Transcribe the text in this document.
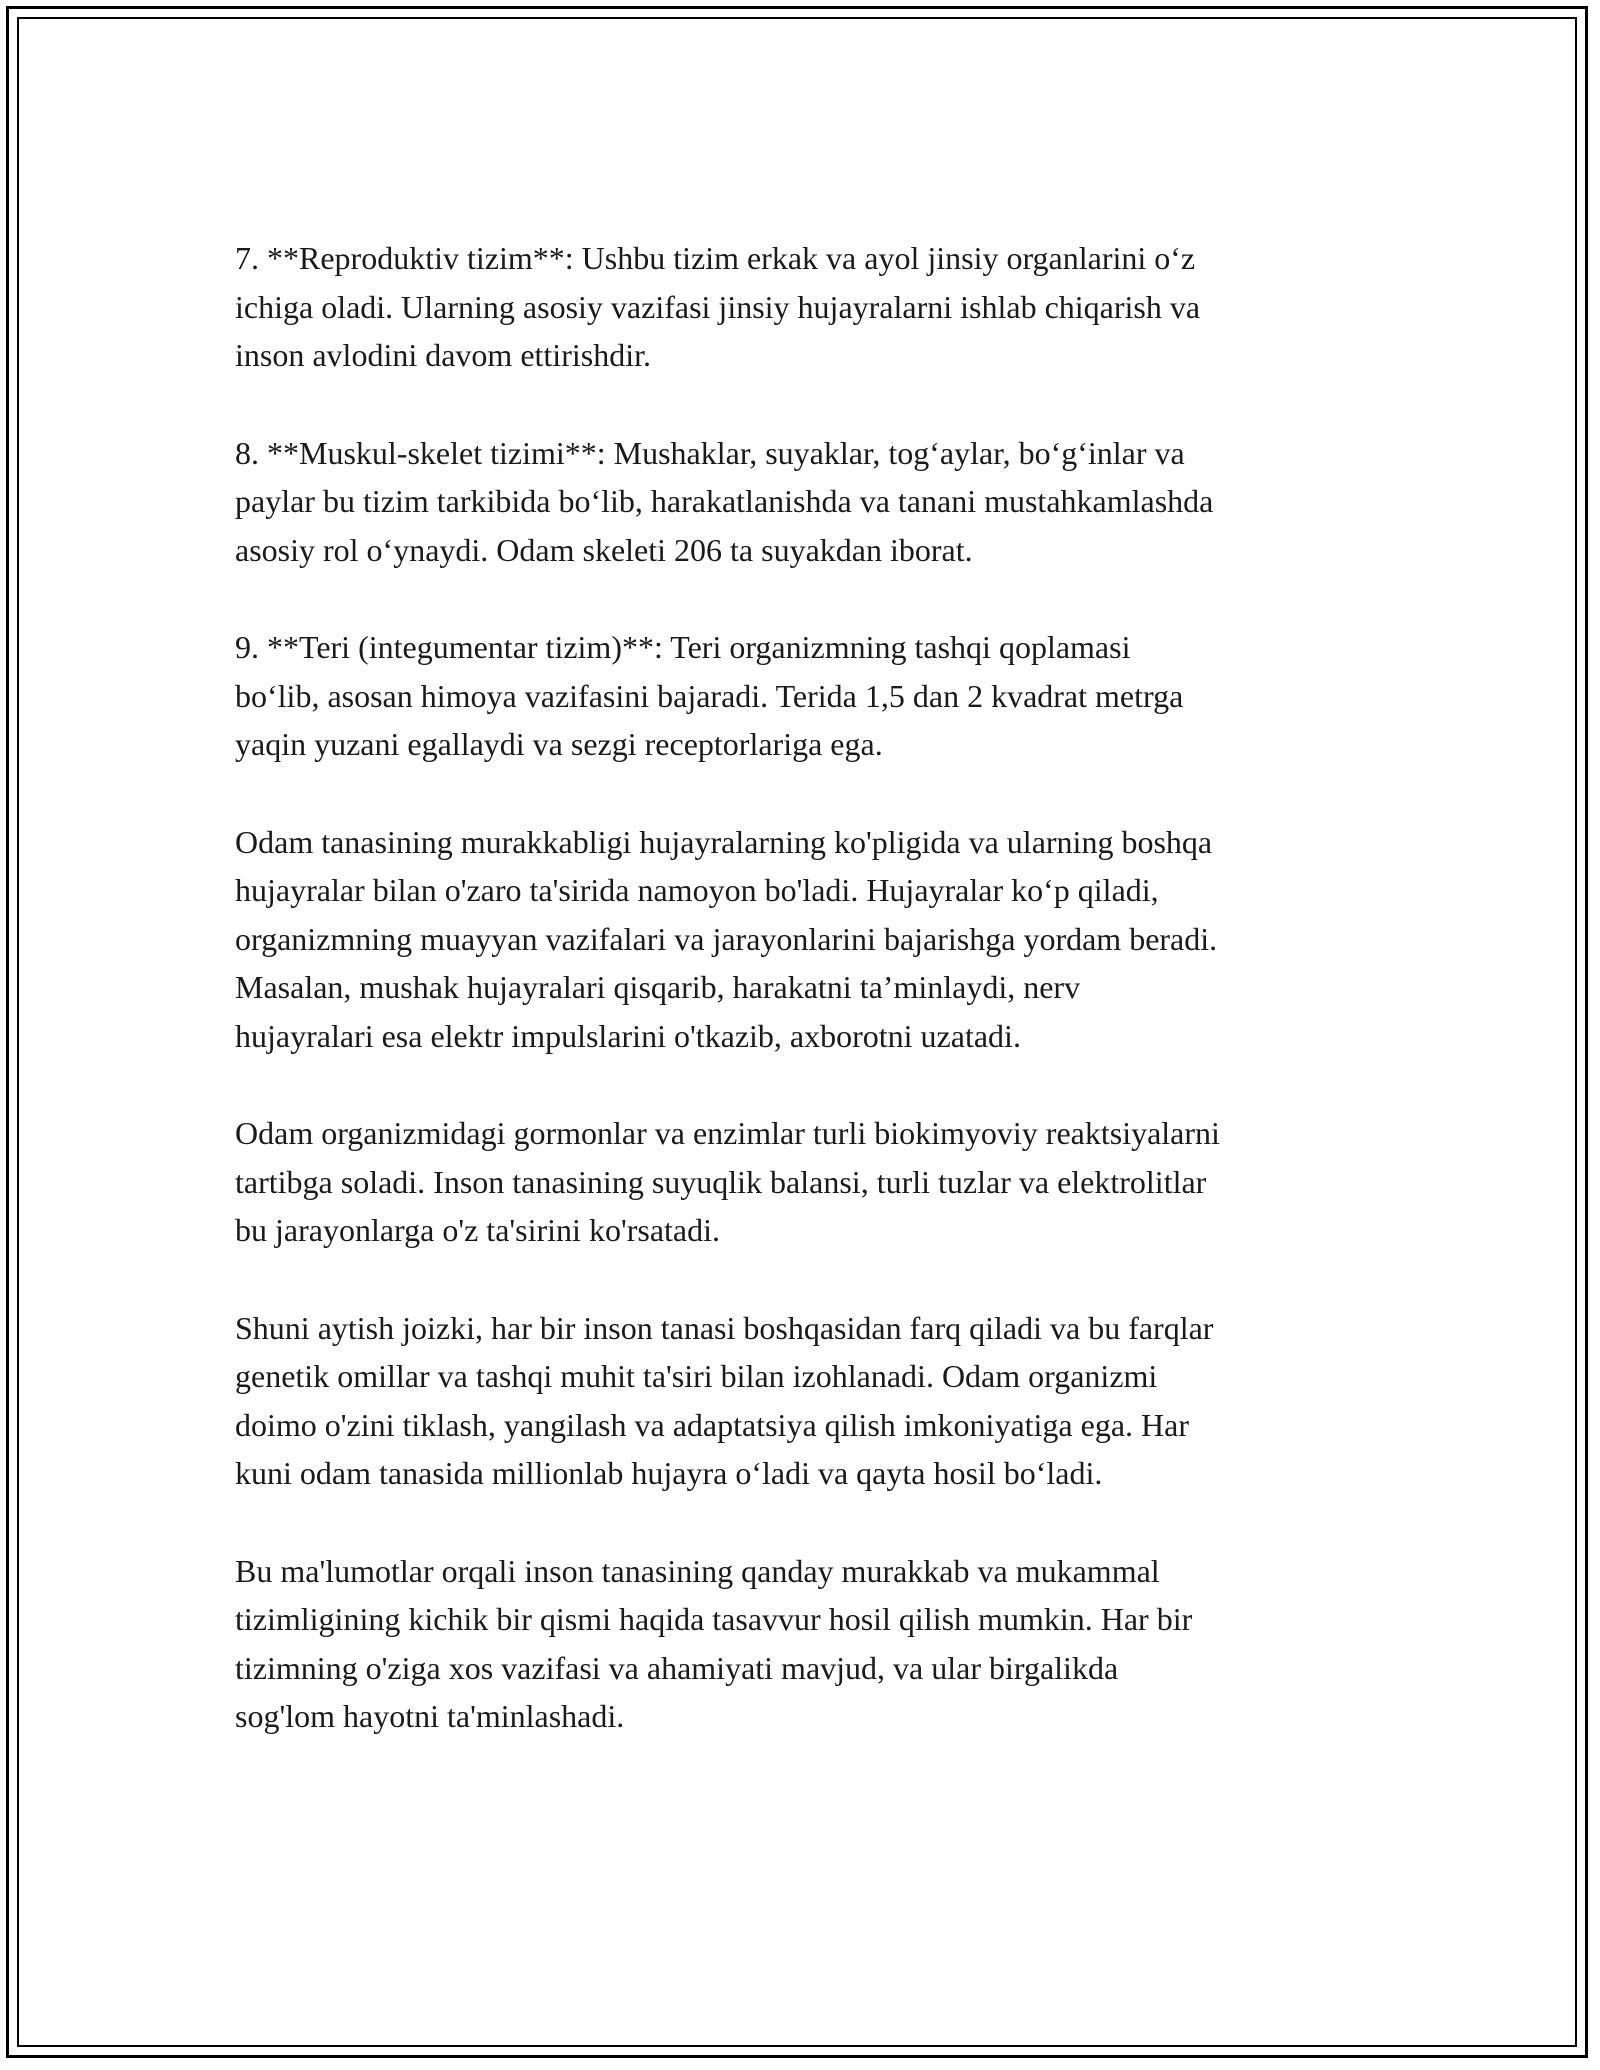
7. **Reproduktiv tizim**: Ushbu tizim erkak va ayol jinsiy organlarini o‘z
ichiga oladi. Ularning asosiy vazifasi jinsiy hujayralarni ishlab chiqarish va
inson avlodini davom ettirishdir.

8. **Muskul-skelet tizimi**: Mushaklar, suyaklar, tog‘aylar, bo‘g‘inlar va
paylar bu tizim tarkibida bo‘lib, harakatlanishda va tanani mustahkamlashda
asosiy rol o‘ynaydi. Odam skeleti 206 ta suyakdan iborat.

9. **Teri (integumentar tizim)**: Teri organizmning tashqi qoplamasi
bo‘lib, asosan himoya vazifasini bajaradi. Terida 1,5 dan 2 kvadrat metrga
yaqin yuzani egallaydi va sezgi receptorlariga ega.

Odam tanasining murakkabligi hujayralarning ko'pligida va ularning boshqa
hujayralar bilan o'zaro ta'sirida namoyon bo'ladi. Hujayralar ko‘p qiladi,
organizmning muayyan vazifalari va jarayonlarini bajarishga yordam beradi.
Masalan, mushak hujayralari qisqarib, harakatni ta’minlaydi, nerv
hujayralari esa elektr impulslarini o'tkazib, axborotni uzatadi.

Odam organizmidagi gormonlar va enzimlar turli biokimyoviy reaktsiyalarni
tartibga soladi. Inson tanasining suyuqlik balansi, turli tuzlar va elektrolitlar
bu jarayonlarga o'z ta'sirini ko'rsatadi.

Shuni aytish joizki, har bir inson tanasi boshqasidan farq qiladi va bu farqlar
genetik omillar va tashqi muhit ta'siri bilan izohlanadi. Odam organizmi
doimo o'zini tiklash, yangilash va adaptatsiya qilish imkoniyatiga ega. Har
kuni odam tanasida millionlab hujayra o‘ladi va qayta hosil bo‘ladi.

Bu ma'lumotlar orqali inson tanasining qanday murakkab va mukammal
tizimligining kichik bir qismi haqida tasavvur hosil qilish mumkin. Har bir
tizimning o'ziga xos vazifasi va ahamiyati mavjud, va ular birgalikda
sog'lom hayotni ta'minlashadi.
